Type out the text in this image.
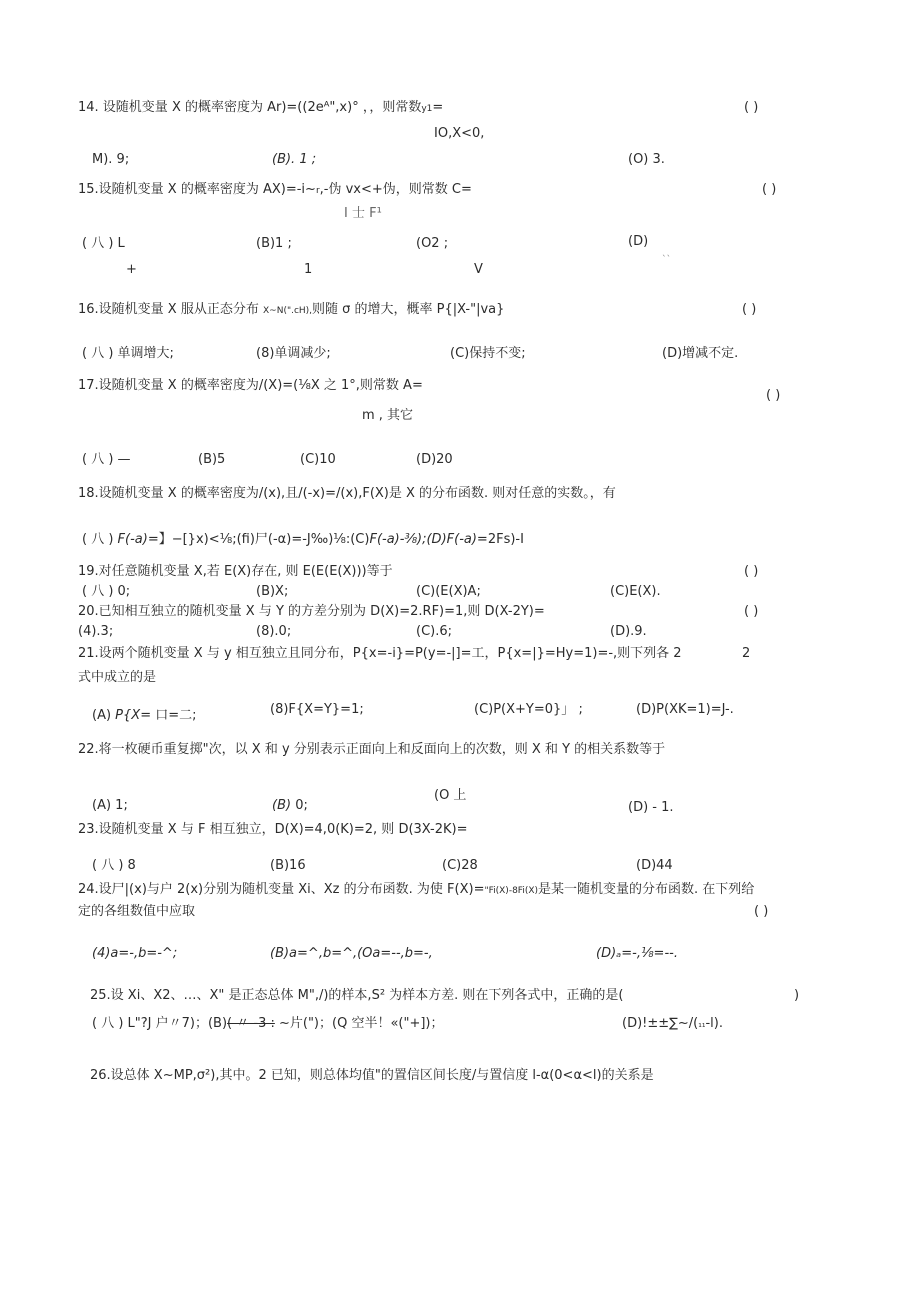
14. 设随机变量 X 的概率密度为 Ar)=((2eᴬ",x)° ，，则常数y1=	( )
IO,X<0,
M). 9;	(B). 1 ;	(O) 3.
15.设随机变量 X 的概率密度为 AX)=-i~r,-伪 vx<+伪，则常数 C=	( )
I 士 F¹
( 八 ) L	(B)1 ;	(O2 ;	(D)
``
+	1	V
16.设随机变量 X 服从正态分布 X~N(".cH),则随 σ 的增大，概率 P{|X-"|va}	( )
( 八 ) 单调增大;	(8)单调减少;	(C)保持不变;	(D)增减不定.
17.设随机变量 X 的概率密度为/(X)=(⅛X 之 1°,则常数 A=
( )
m , 其它
( 八 ) —	(B)5	(C)10	(D)20
18.设随机变量 X 的概率密度为/(x),且/(-x)=/(x),F(X)是 X 的分布函数. 则对任意的实数。，有
( 八 ) F(-a)=】−[}x)<⅛;(fi)尸(-α)=-J‰)⅛:(C)F(-a)-⅜);(D)F(-a)=2Fs)-I
19.对任意随机变量 X,若 E(X)存在, 则 E(E(E(X)))等于	( )
( 八 ) 0;	(B)X;	(C)(E(X)A;	(C)E(X).
20.已知相互独立的随机变量 X 与 Y 的方差分别为 D(X)=2.RF)=1,则 D(X-2Y)=	( )
(4).3;	(8).0;	(C).6;	(D).9.
21.设两个随机变量 X 与 y 相互独立且同分布，P{x=-i}=P(y=-|]=工，P{x=|}=Hy=1)=-,则下列各 2	2
式中成立的是
(A) P{X= 口=二;	(8)F{X=Y}=1;	(C)P(X+Y=0}」 ;	(D)P(XK=1)=J-.
22.将一枚硬币重复掷"次，以 X 和 y 分别表示正面向上和反面向上的次数，则 X 和 Y 的相关系数等于
(O 上
(A) 1;	(B) 0;	(D) - 1.
23.设随机变量 X 与 F 相互独立，D(X)=4,0(K)=2, 则 D(3X-2K)=
( 八 ) 8	(B)16	(C)28	(D)44
24.设尸|(x)与户 2(x)分别为随机变量 Xi、Xz 的分布函数. 为使 F(X)="Fi(X)-8Fi(X)是某一随机变量的分布函数. 在下列给
定的各组数值中应取	( )
(4)a=-,b=-^;	(B)a=^,b=^,(Oa=--,b=-,	(D)ₐ=-,⅛=--.
25.设 Xi、X2、…、X" 是正态总体 M",/)的样本,S² 为样本方差. 则在下列各式中，正确的是(	)
( 八 ) L"?J 户〃7)；(B)( 〃 -3 : ~片(")；(Q 空半！«("+])；	(D)!±±∑~/(₁₁-l).
26.设总体 X~MP,σ²),其中。2 已知，则总体均值"的置信区间长度/与置信度 l-α(0<α<l)的关系是
